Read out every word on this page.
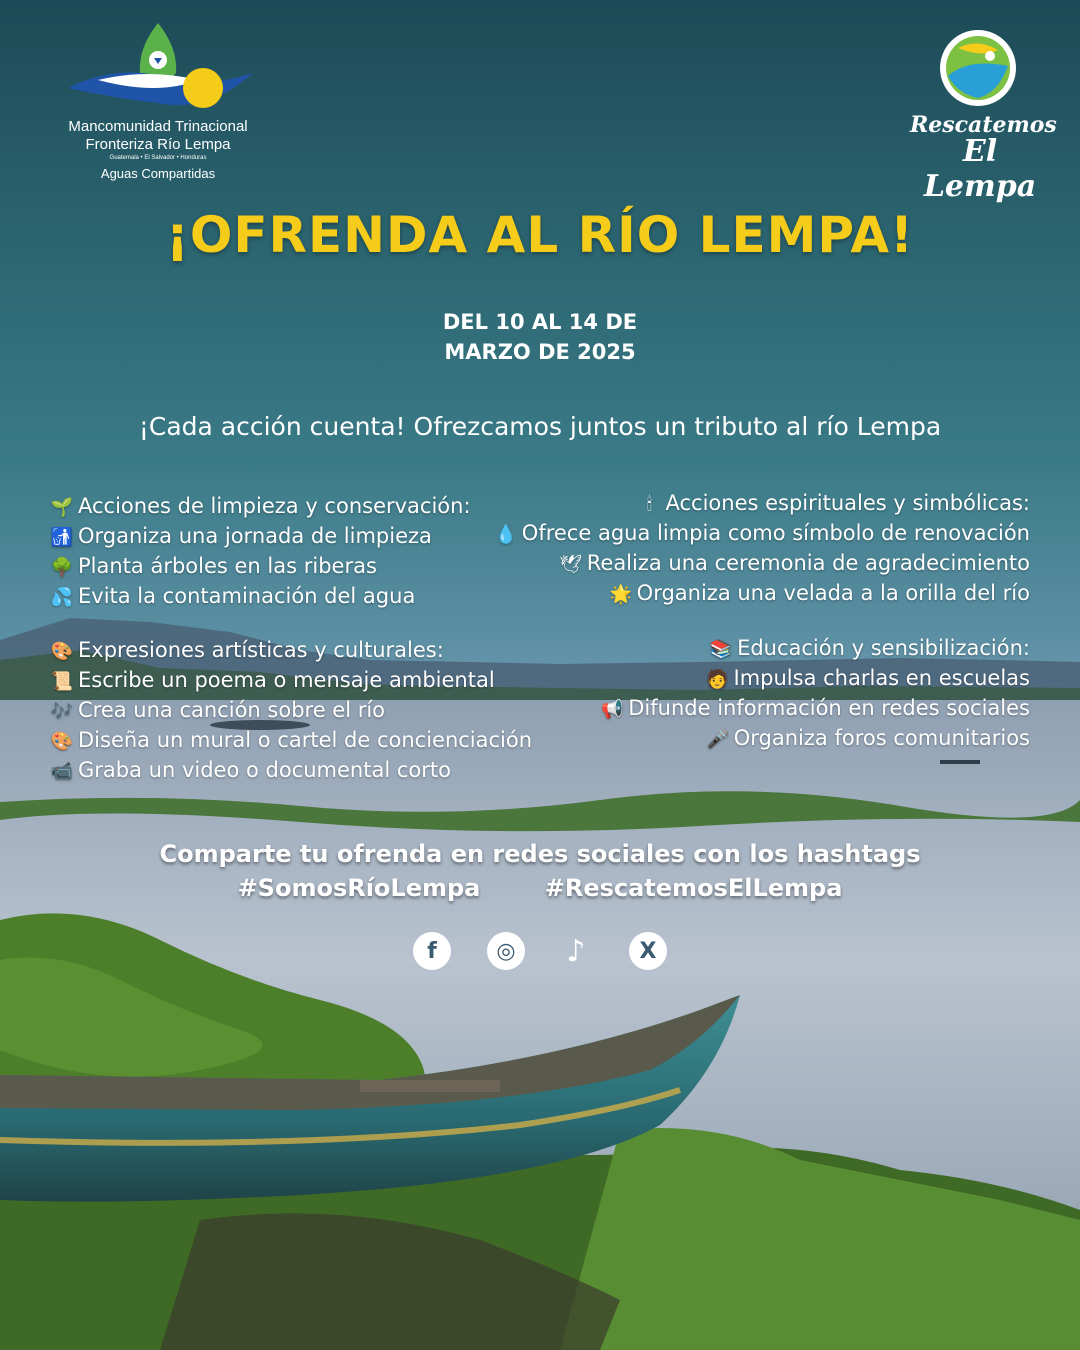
Mancomunidad Trinacional
Fronteriza Río Lempa
Guatemala • El Salvador • Honduras
Aguas Compartidas
Rescatemos
El Lempa
¡OFRENDA AL RÍO LEMPA!
DEL 10 AL 14 DE
MARZO DE 2025
¡Cada acción cuenta! Ofrezcamos juntos un tributo al río Lempa
🌱 Acciones de limpieza y conservación:
🚮 Organiza una jornada de limpieza
🌳 Planta árboles en las riberas
💦 Evita la contaminación del agua
🕯 Acciones espirituales y simbólicas:
💧 Ofrece agua limpia como símbolo de renovación
🕊 Realiza una ceremonia de agradecimiento
🌟 Organiza una velada a la orilla del río
🎨 Expresiones artísticas y culturales:
📜 Escribe un poema o mensaje ambiental
🎶 Crea una canción sobre el río
🎨 Diseña un mural o cartel de concienciación
📹 Graba un video o documental corto
📚 Educación y sensibilización:
🧑 Impulsa charlas en escuelas
📢 Difunde información en redes sociales
🎤 Organiza foros comunitarios
Comparte tu ofrenda en redes sociales con los hashtags
#SomosRíoLempa	#RescatemosElLempa
f	◎	♪	X
